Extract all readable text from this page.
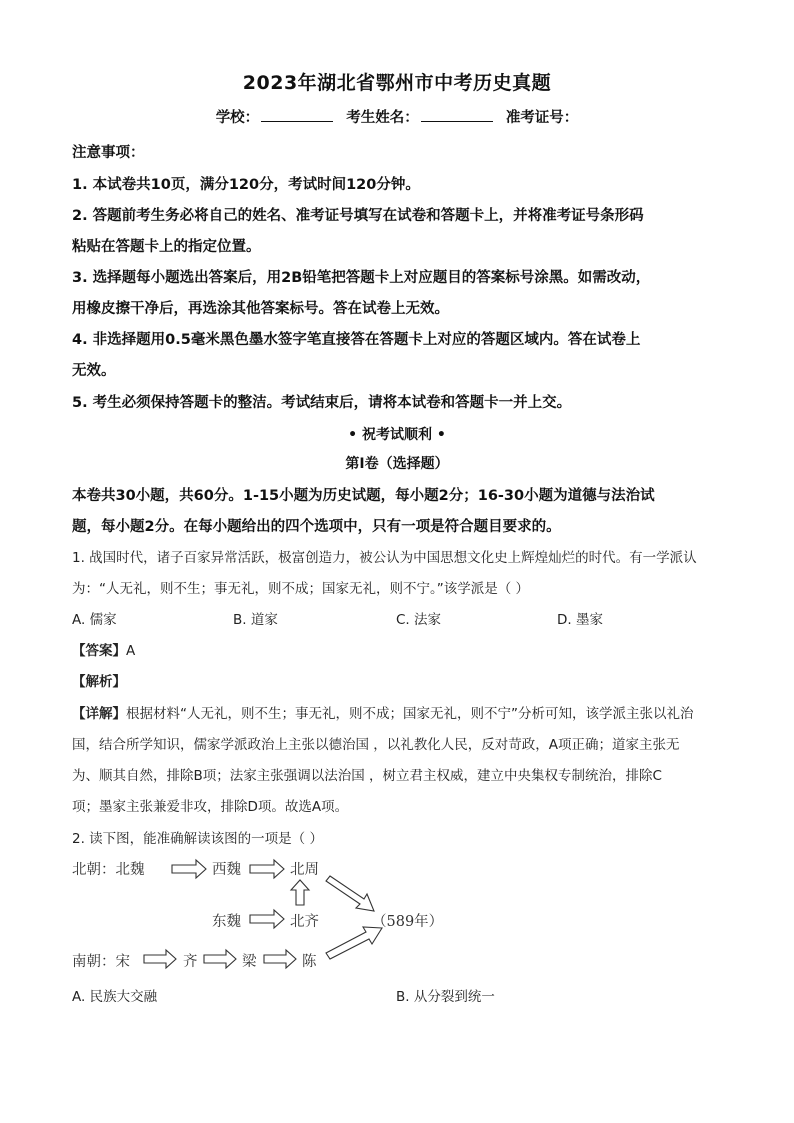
2023年湖北省鄂州市中考历史真题
学校：	考生姓名：	准考证号：
注意事项：
1. 本试卷共10页，满分120分，考试时间120分钟。
2. 答题前考生务必将自己的姓名、准考证号填写在试卷和答题卡上，并将准考证号条形码
粘贴在答题卡上的指定位置。
3. 选择题每小题选出答案后，用2B铅笔把答题卡上对应题目的答案标号涂黑。如需改动，
用橡皮擦干净后，再选涂其他答案标号。答在试卷上无效。
4. 非选择题用0.5毫米黑色墨水签字笔直接答在答题卡上对应的答题区域内。答在试卷上
无效。
5. 考生必须保持答题卡的整洁。考试结束后，请将本试卷和答题卡一并上交。
• 祝考试顺利 •
第Ⅰ卷（选择题）
本卷共30小题，共60分。1-15小题为历史试题，每小题2分；16-30小题为道德与法治试
题，每小题2分。在每小题给出的四个选项中，只有一项是符合题目要求的。
1. 战国时代，诸子百家异常活跃，极富创造力，被公认为中国思想文化史上辉煌灿烂的时代。有一学派认
为：“人无礼，则不生；事无礼，则不成；国家无礼，则不宁。”该学派是（ ）
A. 儒家	B. 道家	C. 法家	D. 墨家
【答案】A
【解析】
【详解】根据材料“人无礼，则不生；事无礼，则不成；国家无礼，则不宁”分析可知，该学派主张以礼治
国，结合所学知识，儒家学派政治上主张以德治国 ，以礼教化人民，反对苛政，A项正确；道家主张无
为、顺其自然，排除B项；法家主张强调以法治国 ，树立君主权威，建立中央集权专制统治，排除C
项；墨家主张兼爱非攻，排除D项。故选A项。
2. 读下图，能准确解读该图的一项是（ ）
北朝：北魏	西魏	北周
东魏	北齐	（589年）
南朝：宋	齐	梁	陈
A. 民族大交融	B. 从分裂到统一
